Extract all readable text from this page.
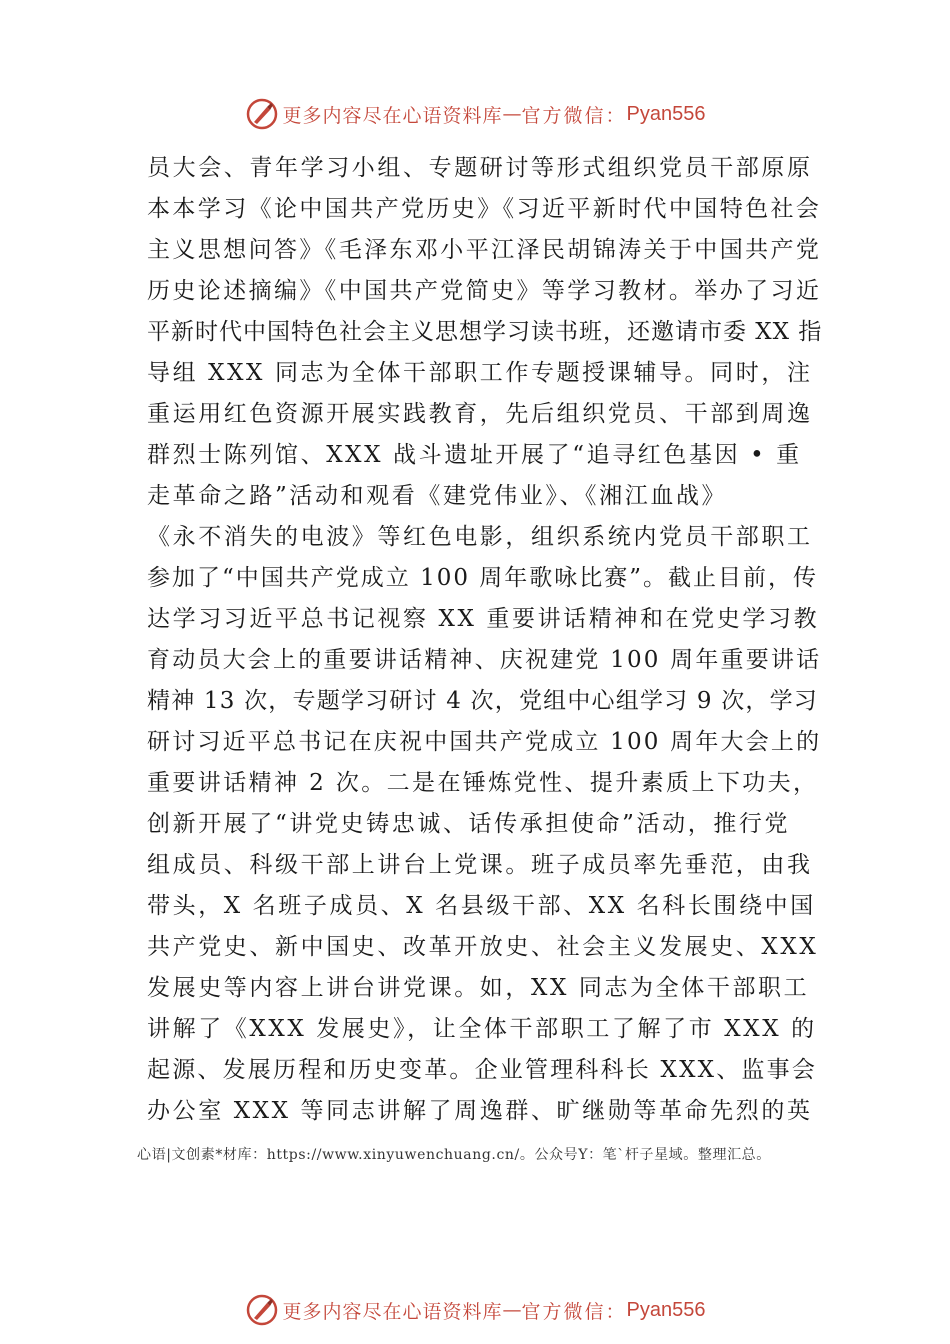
更多内容尽在心语资料库 — 官方微信： Pyan556
员大会、青年学习小组、专题研讨等形式组织党员干部原原
本本学习《论中国共产党历史》《习近平新时代中国特色社会
主义思想问答》《毛泽东邓小平江泽民胡锦涛关于中国共产党
历史论述摘编》《中国共产党简史》等学习教材。举办了习近
平新时代中国特色社会主义思想学习读书班，还邀请市委 XX 指
导组 XXX 同志为全体干部职工作专题授课辅导。同时，注
重运用红色资源开展实践教育，先后组织党员、干部到周逸
群烈士陈列馆、XXX 战斗遗址开展了“追寻红色基因 • 重
走革命之路”活动和观看《建党伟业》、《湘江血战》
《永不消失的电波》等红色电影，组织系统内党员干部职工
参加了“中国共产党成立 100 周年歌咏比赛”。截止目前，传
达学习习近平总书记视察 XX 重要讲话精神和在党史学习教
育动员大会上的重要讲话精神、庆祝建党 100 周年重要讲话
精神 13 次，专题学习研讨 4 次，党组中心组学习 9 次，学习
研讨习近平总书记在庆祝中国共产党成立 100 周年大会上的
重要讲话精神 2 次。二是在锤炼党性、提升素质上下功夫，
创新开展了“讲党史铸忠诚、话传承担使命”活动，推行党
组成员、科级干部上讲台上党课。班子成员率先垂范，由我
带头，X 名班子成员、X 名县级干部、XX 名科长围绕中国
共产党史、新中国史、改革开放史、社会主义发展史、XXX
发展史等内容上讲台讲党课。如，XX 同志为全体干部职工
讲解了《XXX 发展史》，让全体干部职工了解了市 XXX 的
起源、发展历程和历史变革。企业管理科科长 XXX、监事会
办公室 XXX 等同志讲解了周逸群、旷继勋等革命先烈的英
心语|文创素*材库：https://www.xinyuwenchuang.cn/。公众号Y：笔`杆子星域。整理汇总。
更多内容尽在心语资料库 — 官方微信： Pyan556
